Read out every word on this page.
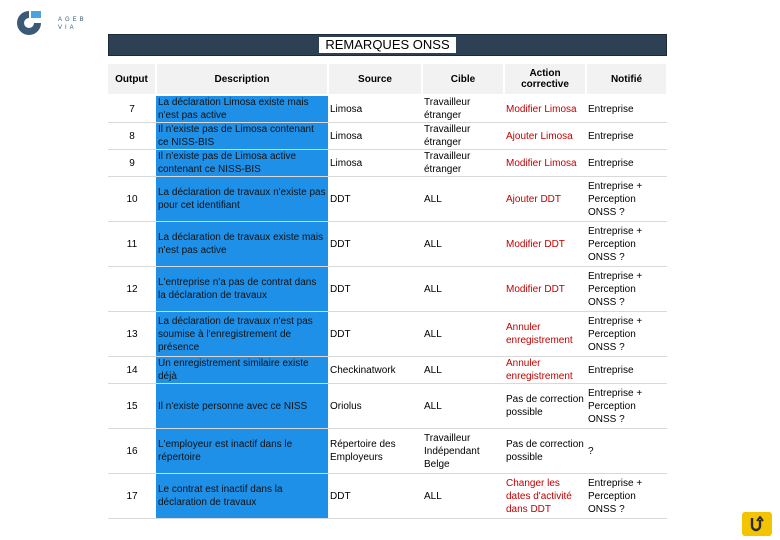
AGEB
VIA
REMARQUES ONSS
Output	Description	Source	Cible	Action corrective	Notifié
7	La déclaration Limosa existe mais n'est pas active	Limosa	Travailleur étranger	Modifier Limosa	Entreprise
8	Il n'existe pas de Limosa contenant ce NISS-BIS	Limosa	Travailleur étranger	Ajouter Limosa	Entreprise
9	Il n'existe pas de Limosa active contenant ce NISS-BIS	Limosa	Travailleur étranger	Modifier Limosa	Entreprise
10	La déclaration de travaux n'existe pas pour cet identifiant	DDT	ALL	Ajouter DDT	Entreprise + Perception ONSS ?
11	La déclaration de travaux existe mais n'est pas active	DDT	ALL	Modifier DDT	Entreprise + Perception ONSS ?
12	L'entreprise n'a pas de contrat dans la déclaration de travaux	DDT	ALL	Modifier DDT	Entreprise + Perception ONSS ?
13	La déclaration de travaux n'est pas soumise à l'enregistrement de présence	DDT	ALL	Annuler enregistrement	Entreprise + Perception ONSS ?
14	Un enregistrement similaire existe déjà	Checkinatwork	ALL	Annuler enregistrement	Entreprise
15	Il n'existe personne avec ce NISS	Oriolus	ALL	Pas de correction possible	Entreprise + Perception ONSS ?
16	L'employeur est inactif dans le répertoire	Répertoire des Employeurs	Travailleur Indépendant Belge	Pas de correction possible	?
17	Le contrat est inactif dans la déclaration de travaux	DDT	ALL	Changer les dates d'activité dans DDT	Entreprise + Perception ONSS ?
